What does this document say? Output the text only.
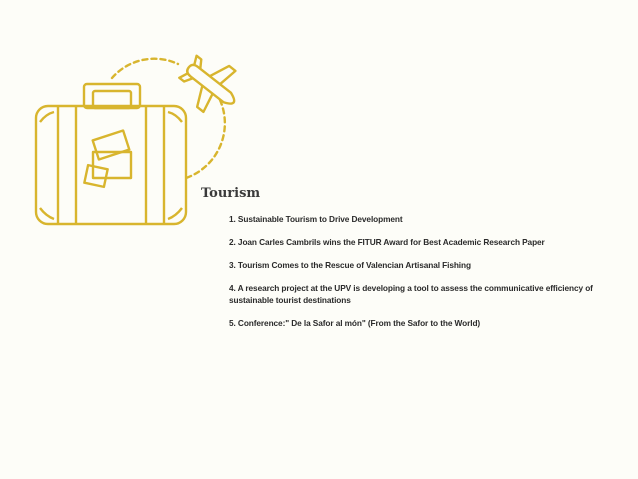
Tourism
1. Sustainable Tourism to Drive Development
2. Joan Carles Cambrils wins the FITUR Award for Best Academic Research Paper
3. Tourism Comes to the Rescue of Valencian Artisanal Fishing
4. A research project at the UPV is developing a tool to assess the communicative efficiency of sustainable tourist destinations
5. Conference:" De la Safor al món" (From the Safor to the World)
